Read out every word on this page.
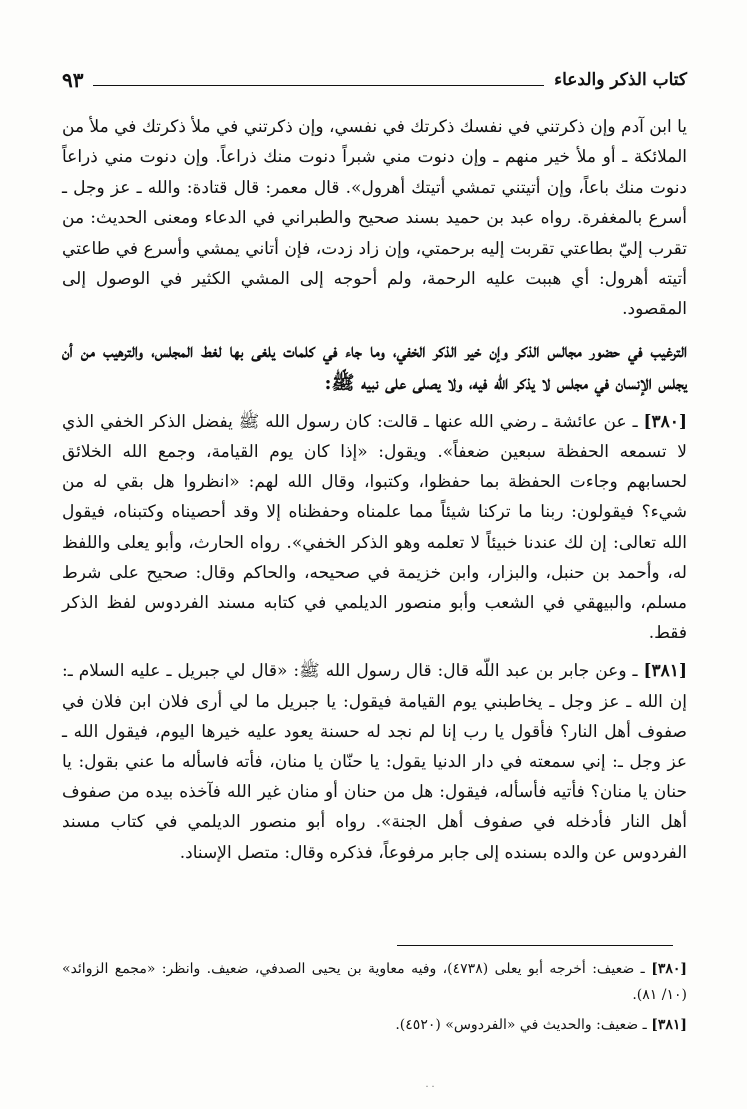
كتاب الذكر والدعاء
٩٣

يا ابن آدم وإن ذكرتني في نفسك ذكرتك في نفسي، وإن ذكرتني في ملأ ذكرتك في ملأ من الملائكة ـ أو ملأ خير منهم ـ وإن دنوت مني شبراً دنوت منك ذراعاً. وإن دنوت مني ذراعاً دنوت منك باعاً، وإن أتيتني تمشي أتيتك أهرول». قال معمر: قال قتادة: والله ـ عز وجل ـ أسرع بالمغفرة. رواه عبد بن حميد بسند صحيح والطبراني في الدعاء ومعنى الحديث: من تقرب إليّ بطاعتي تقربت إليه برحمتي، وإن زاد زدت، فإن أتاني يمشي وأسرع في طاعتي أتيته أهرول: أي هببت عليه الرحمة، ولم أحوجه إلى المشي الكثير في الوصول إلى المقصود.

الترغيب في حضور مجالس الذكر وإن خير الذكر الخفي، وما جاء في كلمات يلغى بها لغط المجلس، والترهيب من أن يجلس الإنسان في مجلس لا يذكر الله فيه، ولا يصلى على نبيه ﷺ:

[٣٨٠] ـ عن عائشة ـ رضي الله عنها ـ قالت: كان رسول الله ﷺ يفضل الذكر الخفي الذي لا تسمعه الحفظة سبعين ضعفاً». ويقول: «إذا كان يوم القيامة، وجمع الله الخلائق لحسابهم وجاءت الحفظة بما حفظوا، وكتبوا، وقال الله لهم: «انظروا هل بقي له من شيء؟ فيقولون: ربنا ما تركنا شيئاً مما علمناه وحفظناه إلا وقد أحصيناه وكتبناه، فيقول الله تعالى: إن لك عندنا خبيئاً لا تعلمه وهو الذكر الخفي». رواه الحارث، وأبو يعلى واللفظ له، وأحمد بن حنبل، والبزار، وابن خزيمة في صحيحه، والحاكم وقال: صحيح على شرط مسلم، والبيهقي في الشعب وأبو منصور الديلمي في كتابه مسند الفردوس لفظ الذكر فقط.

[٣٨١] ـ وعن جابر بن عبد اللّه قال: قال رسول الله ﷺ: «قال لي جبريل ـ عليه السلام ـ: إن الله ـ عز وجل ـ يخاطبني يوم القيامة فيقول: يا جبريل ما لي أرى فلان ابن فلان في صفوف أهل النار؟ فأقول يا رب إنا لم نجد له حسنة يعود عليه خيرها اليوم، فيقول الله ـ عز وجل ـ: إني سمعته في دار الدنيا يقول: يا حنّان يا منان، فأته فاسأله ما عني بقول: يا حنان يا منان؟ فأتيه فأسأله، فيقول: هل من حنان أو منان غير الله فآخذه بيده من صفوف أهل النار فأدخله في صفوف أهل الجنة». رواه أبو منصور الديلمي في كتاب مسند الفردوس عن والده بسنده إلى جابر مرفوعاً، فذكره وقال: متصل الإسناد.

[٣٨٠] ـ ضعيف: أخرجه أبو يعلى (٤٧٣٨)، وفيه معاوية بن يحيى الصدفي، ضعيف. وانظر: «مجمع الزوائد» (١٠/ ٨١).

[٣٨١] ـ ضعيف: والحديث في «الفردوس» (٤٥٢٠).

˙˙
